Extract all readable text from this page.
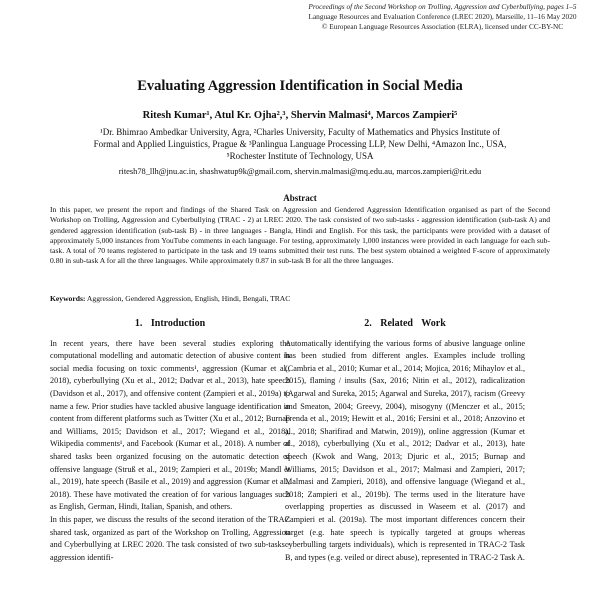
Proceedings of the Second Workshop on Trolling, Aggression and Cyberbullying, pages 1–5
Language Resources and Evaluation Conference (LREC 2020), Marseille, 11–16 May 2020
© European Language Resources Association (ELRA), licensed under CC-BY-NC
Evaluating Aggression Identification in Social Media
Ritesh Kumar¹, Atul Kr. Ojha²,³, Shervin Malmasi⁴, Marcos Zampieri⁵
¹Dr. Bhimrao Ambedkar University, Agra, ²Charles University, Faculty of Mathematics and Physics Institute of
Formal and Applied Linguistics, Prague & ³Panlingua Language Processing LLP, New Delhi, ⁴Amazon Inc., USA,
⁵Rochester Institute of Technology, USA
ritesh78_llh@jnu.ac.in, shashwatup9k@gmail.com, shervin.malmasi@mq.edu.au, marcos.zampieri@rit.edu
Abstract
In this paper, we present the report and findings of the Shared Task on Aggression and Gendered Aggression Identification organised as part of the Second Workshop on Trolling, Aggression and Cyberbullying (TRAC - 2) at LREC 2020. The task consisted of two sub-tasks - aggression identification (sub-task A) and gendered aggression identification (sub-task B) - in three languages - Bangla, Hindi and English. For this task, the participants were provided with a dataset of approximately 5,000 instances from YouTube comments in each language. For testing, approximately 1,000 instances were provided in each language for each sub-task. A total of 70 teams registered to participate in the task and 19 teams submitted their test runs. The best system obtained a weighted F-score of approximately 0.80 in sub-task A for all the three languages. While approximately 0.87 in sub-task B for all the three languages.
Keywords: Aggression, Gendered Aggression, English, Hindi, Bengali, TRAC
1. Introduction

In recent years, there have been several studies exploring the computational modelling and automatic detection of abusive content in social media focusing on toxic comments¹, aggression (Kumar et al., 2018), cyberbullying (Xu et al., 2012; Dadvar et al., 2013), hate speech (Davidson et al., 2017), and offensive content (Zampieri et al., 2019a) to name a few. Prior studies have tackled abusive language identification in content from different platforms such as Twitter (Xu et al., 2012; Burnap and Williams, 2015; Davidson et al., 2017; Wiegand et al., 2018), Wikipedia comments¹, and Facebook (Kumar et al., 2018). A number of shared tasks been organized focusing on the automatic detection of offensive language (Struß et al., 2019; Zampieri et al., 2019b; Mandl et al., 2019), hate speech (Basile et al., 2019) and aggression (Kumar et al., 2018). These have motivated the creation of for various languages such as English, German, Hindi, Italian, Spanish, and others.

In this paper, we discuss the results of the second iteration of the TRAC shared task, organized as part of the Workshop on Trolling, Aggression and Cyberbullying at LREC 2020. The task consisted of two sub-tasks - aggression identifi-

2. Related Work

Automatically identifying the various forms of abusive language online has been studied from different angles. Examples include trolling (Cambria et al., 2010; Kumar et al., 2014; Mojica, 2016; Mihaylov et al., 2015), flaming / insults (Sax, 2016; Nitin et al., 2012), radicalization (Agarwal and Sureka, 2015; Agarwal and Sureka, 2017), racism (Greevy and Smeaton, 2004; Greevy, 2004), misogyny ((Menczer et al., 2015; Frenda et al., 2019; Hewitt et al., 2016; Fersini et al., 2018; Anzovino et al., 2018; Sharifirad and Matwin, 2019)), online aggression (Kumar et al., 2018), cyberbullying (Xu et al., 2012; Dadvar et al., 2013), hate speech (Kwok and Wang, 2013; Djuric et al., 2015; Burnap and Williams, 2015; Davidson et al., 2017; Malmasi and Zampieri, 2017; Malmasi and Zampieri, 2018), and offensive language (Wiegand et al., 2018; Zampieri et al., 2019b). The terms used in the literature have overlapping properties as discussed in Waseem et al. (2017) and Zampieri et al. (2019a). The most important differences concern their target (e.g. hate speech is typically targeted at groups whereas cyberbulling targets individuals), which is represented in TRAC-2 Task B, and types (e.g. veiled or direct abuse), represented in TRAC-2 Task A.
